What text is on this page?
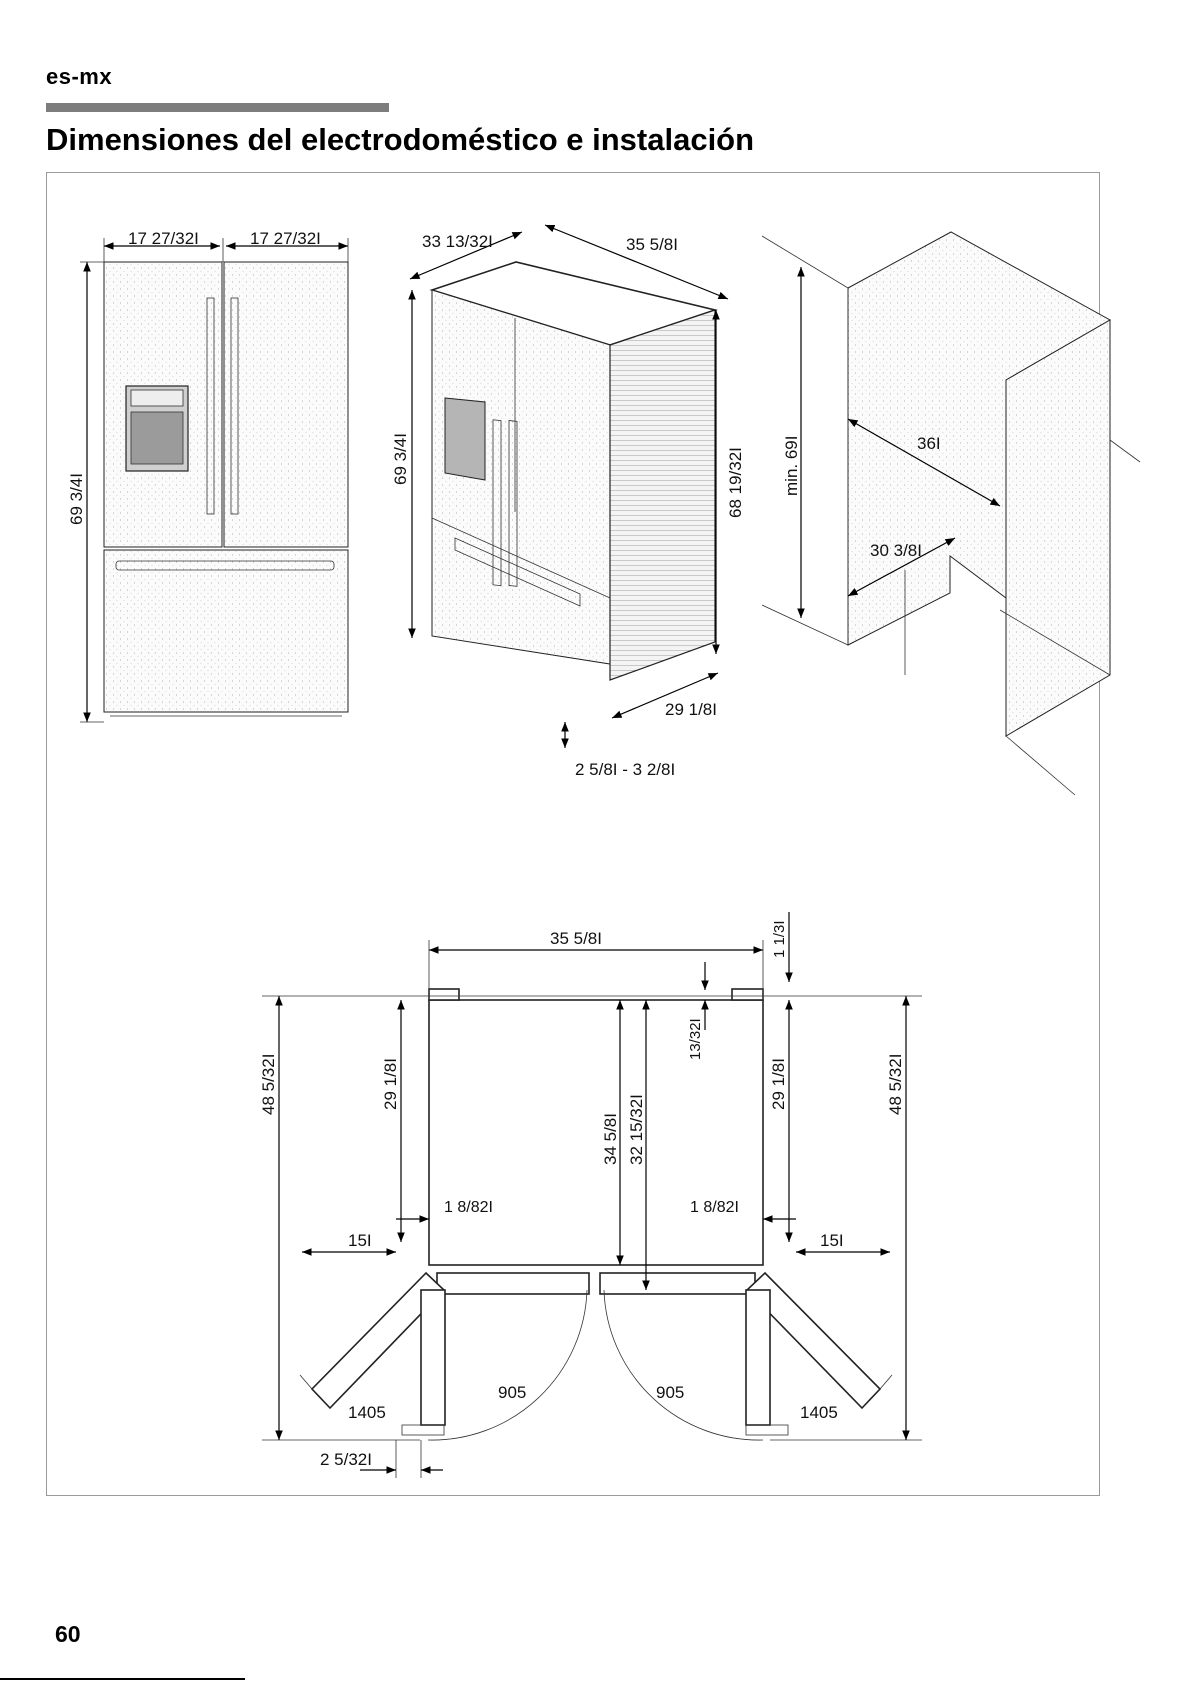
es-mx
Dimensiones del electrodoméstico e instalación
17 27/32I	17 27/32I
69 3/4I
33 13/32I	35 5/8I
69 3/4I	68 19/32I
29 1/8I
2 5/8I - 3 2/8I
min. 69I	36I
30 3/8I
35 5/8I	1 1/3I
13/32I
48 5/32I	48 5/32I
29 1/8I	29 1/8I
34 5/8I 32 15/32I
1 8/82I	1 8/82I
15I	15I
1405	1405
905	905
2 5/32I
60
